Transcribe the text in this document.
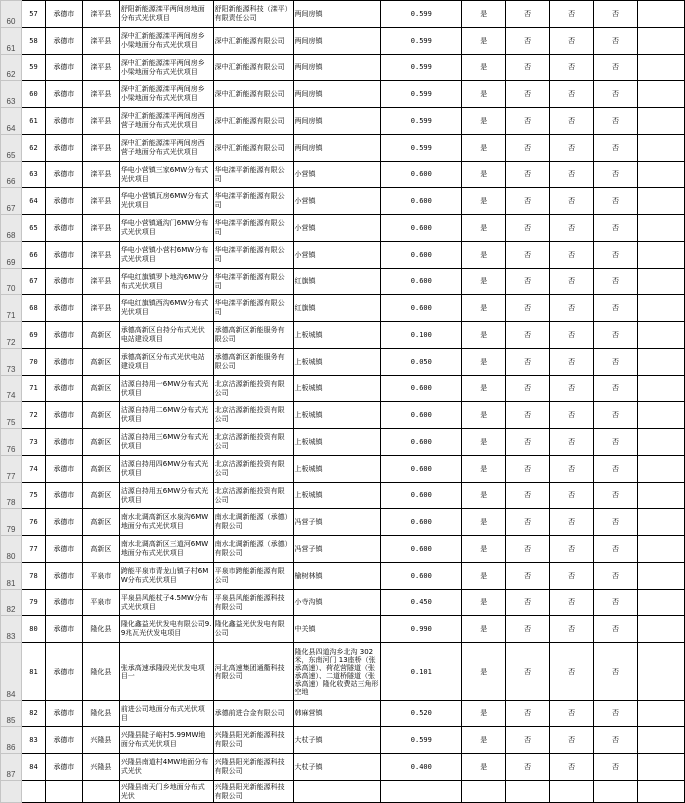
60	57	承德市	滦平县	舒阳新能源滦平两间房地面分布式光伏项目	舒阳新能源科技（滦平）有限责任公司	两间房镇	0.599	是	否	否	否	
61	58	承德市	滦平县	深中汇新能源滦平两间房乡小梁地面分布式光伏项目	深中汇新能源有限公司	两间房镇	0.599	是	否	否	否	
62	59	承德市	滦平县	深中汇新能源滦平两间房乡小梁地面分布式光伏项目	深中汇新能源有限公司	两间房镇	0.599	是	否	否	否	
63	60	承德市	滦平县	深中汇新能源滦平两间房乡小梁地面分布式光伏项目	深中汇新能源有限公司	两间房镇	0.599	是	否	否	否	
64	61	承德市	滦平县	深中汇新能源滦平两间房西营子地面分布式光伏项目	深中汇新能源有限公司	两间房镇	0.599	是	否	否	否	
65	62	承德市	滦平县	深中汇新能源滦平两间房西营子地面分布式光伏项目	深中汇新能源有限公司	两间房镇	0.599	是	否	否	否	
66	63	承德市	滦平县	华电小营镇三家6MW分布式光伏项目	华电滦平新能源有限公司	小营镇	0.600	是	否	否	否	
67	64	承德市	滦平县	华电小营镇瓦房6MW分布式光伏项目	华电滦平新能源有限公司	小营镇	0.600	是	否	否	否	
68	65	承德市	滦平县	华电小营镇通沟门6MW分布式光伏项目	华电滦平新能源有限公司	小营镇	0.600	是	否	否	否	
69	66	承德市	滦平县	华电小营镇小营村6MW分布式光伏项目	华电滦平新能源有限公司	小营镇	0.600	是	否	否	否	
70	67	承德市	滦平县	华电红旗镇罗卜地沟6MW分布式光伏项目	华电滦平新能源有限公司	红旗镇	0.600	是	否	否	否	
71	68	承德市	滦平县	华电红旗镇西沟6MW分布式光伏项目	华电滦平新能源有限公司	红旗镇	0.600	是	否	否	否	
72	69	承德市	高新区	承德高新区自持分布式光伏电站建设项目	承德高新区新能服务有限公司	上板城镇	0.100	是	否	否	否	
73	70	承德市	高新区	承德高新区分布式光伏电站建设项目	承德高新区新能服务有限公司	上板城镇	0.050	是	否	否	否	
74	71	承德市	高新区	沽源自持用一6MW分布式光伏项目	北京沽源新能投资有限公司	上板城镇	0.600	是	否	否	否	
75	72	承德市	高新区	沽源自持用二6MW分布式光伏项目	北京沽源新能投资有限公司	上板城镇	0.600	是	否	否	否	
76	73	承德市	高新区	沽源自持用三6MW分布式光伏项目	北京沽源新能投资有限公司	上板城镇	0.600	是	否	否	否	
77	74	承德市	高新区	沽源自持用四6MW分布式光伏项目	北京沽源新能投资有限公司	上板城镇	0.600	是	否	否	否	
78	75	承德市	高新区	沽源自持用五6MW分布式光伏项目	北京沽源新能投资有限公司	上板城镇	0.600	是	否	否	否	
79	76	承德市	高新区	南水北调高新区水泉沟6MW地面分布式光伏项目	南水北调新能源（承德）有限公司	冯营子镇	0.600	是	否	否	否	
80	77	承德市	高新区	南水北调高新区三道河6MW地面分布式光伏项目	南水北调新能源（承德）有限公司	冯营子镇	0.600	是	否	否	否	
81	78	承德市	平泉市	跨能平泉市青龙山镇子村6MW分布式光伏项目	平泉市跨能新能源有限公司	榆树林镇	0.600	是	否	否	否	
82	79	承德市	平泉市	平泉县风能杖子4.5MW分布式光伏项目	平泉县风能新能源科技有限公司	小寺沟镇	0.450	是	否	否	否	
83	80	承德市	隆化县	隆化鑫益光伏发电有限公司9.9兆瓦光伏发电项目	隆化鑫益光伏发电有限公司	中关镇	0.990	是	否	否	否	
84	81	承德市	隆化县	张承高速承隆段光伏发电项目一	河北高速集团通衢科技有限公司	隆化县四道沟乡北沟 302 米，东南河门 13座桥（张承高速）、荷花营隧道（张承高速）、二道桥隧道（张承高速）隆化收费站三角形空地	0.101	是	否	否	否	
85	82	承德市	隆化县	前进公司地面分布式光伏项目	承德前进合金有限公司	韩麻营镇	0.520	是	否	否	否	
86	83	承德市	兴隆县	兴隆县陡子峪村5.99MW地面分布式光伏项目	兴隆县阳光新能源科技有限公司	大杖子镇	0.599	是	否	否	否	
87	84	承德市	兴隆县	兴隆县南道村4MW地面分布式光伏	兴隆县阳光新能源科技有限公司	大杖子镇	0.400	是	否	否	否	
				兴隆县南天门乡地面分布式光伏	兴隆县阳光新能源科技有限公司							
